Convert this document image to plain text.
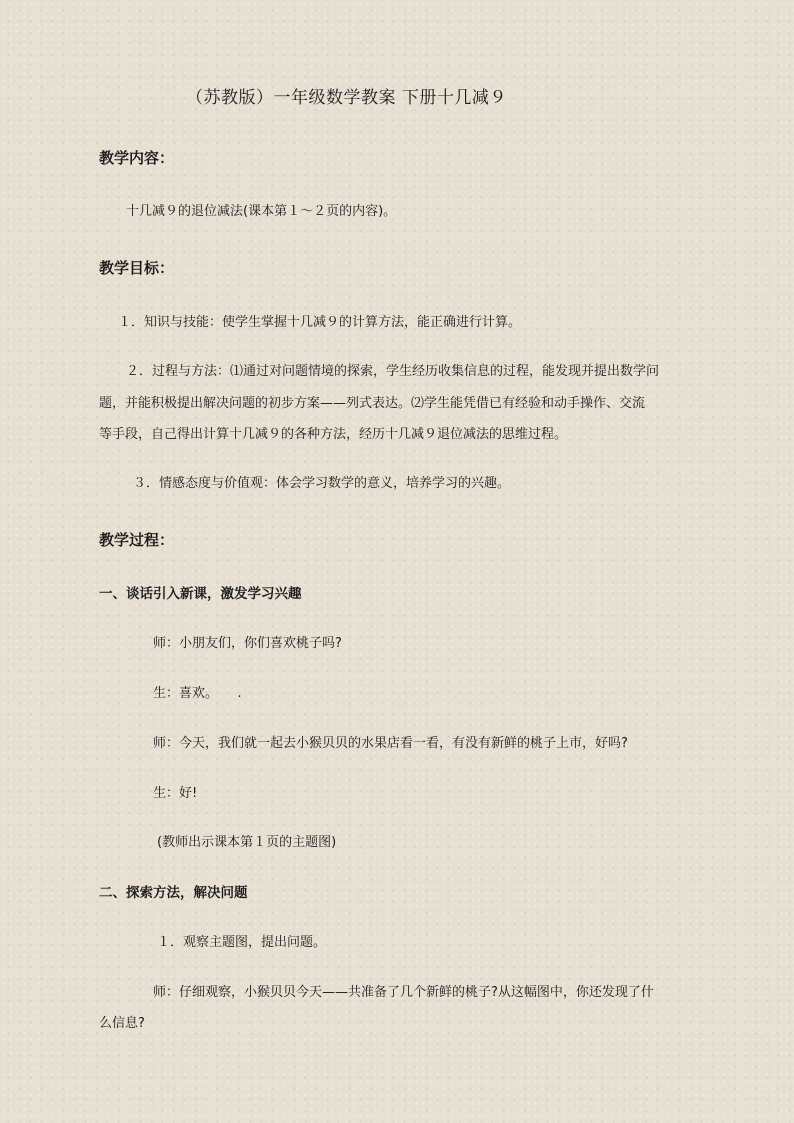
（苏教版）一年级数学教案 下册十几减９
教学内容：
十几减９的退位减法(课本第１～２页的内容)。
教学目标：
１．知识与技能：使学生掌握十几减９的计算方法，能正确进行计算。
２．过程与方法：⑴通过对问题情境的探索，学生经历收集信息的过程，能发现并提出数学问
题，并能积极提出解决问题的初步方案——列式表达。⑵学生能凭借已有经验和动手操作、交流
等手段，自己得出计算十几减９的各种方法，经历十几减９退位减法的思维过程。
３．情感态度与价值观：体会学习数学的意义，培养学习的兴趣。
教学过程：
一、谈话引入新课，激发学习兴趣
师：小朋友们，你们喜欢桃子吗?
生：喜欢。　　.
师：今天，我们就一起去小猴贝贝的水果店看一看，有没有新鲜的桃子上市，好吗?
生：好!
(教师出示课本第１页的主题图)
二、探索方法，解决问题
１．观察主题图，提出问题。
师：仔细观察，小猴贝贝今天——共准备了几个新鲜的桃子?从这幅图中，你还发现了什
么信息?
